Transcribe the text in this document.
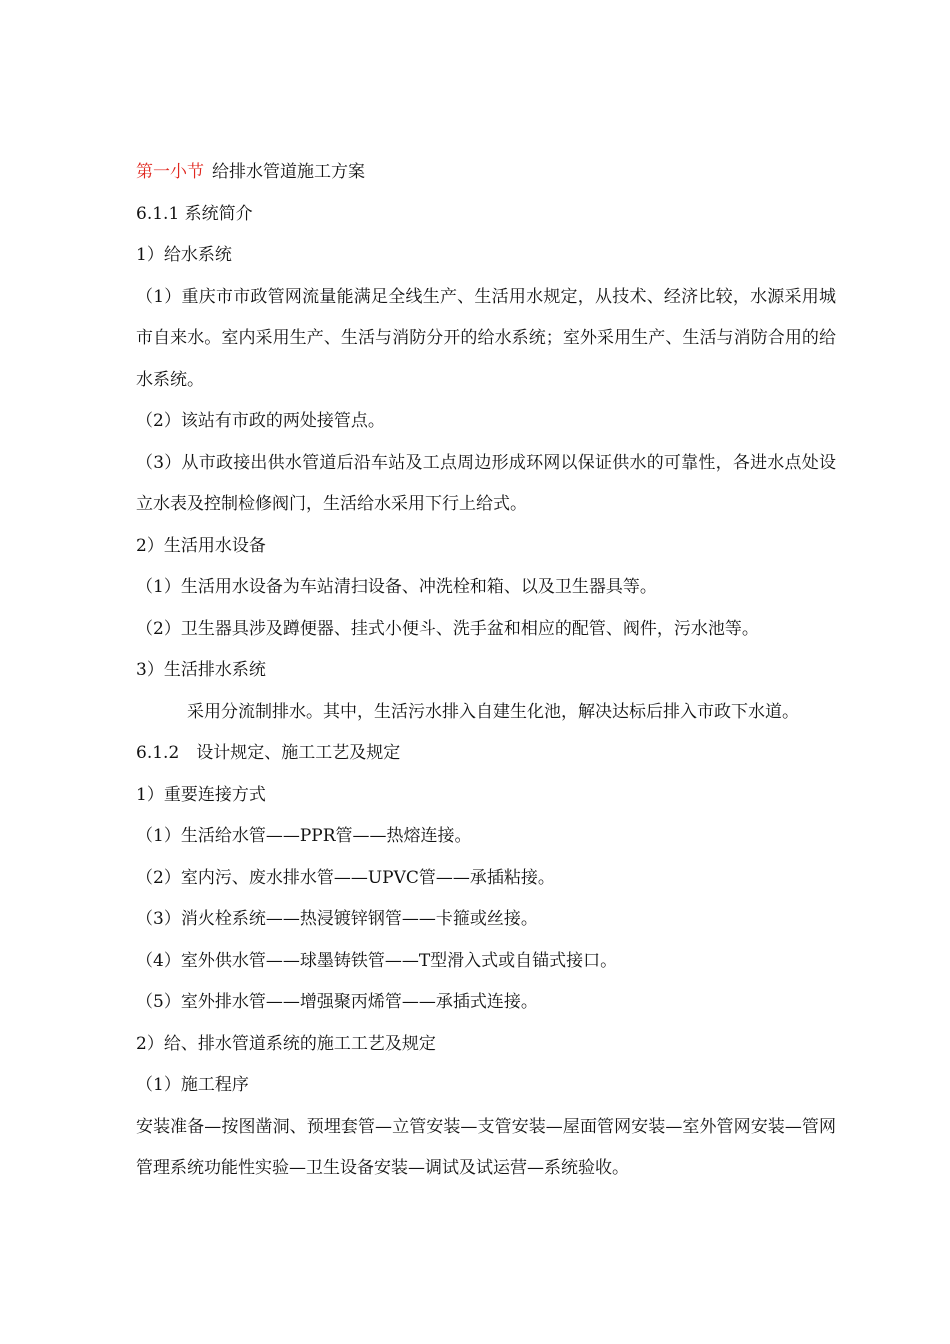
第一小节 给排水管道施工方案
6.1.1 系统简介
1）给水系统
（1）重庆市市政管网流量能满足全线生产、生活用水规定，从技术、经济比较，水源采用城市自来水。室内采用生产、生活与消防分开的给水系统；室外采用生产、生活与消防合用的给水系统。
（2）该站有市政的两处接管点。
（3）从市政接出供水管道后沿车站及工点周边形成环网以保证供水的可靠性，各进水点处设立水表及控制检修阀门，生活给水采用下行上给式。
2）生活用水设备
（1）生活用水设备为车站清扫设备、冲洗栓和箱、以及卫生器具等。
（2）卫生器具涉及蹲便器、挂式小便斗、洗手盆和相应的配管、阀件，污水池等。
3）生活排水系统
采用分流制排水。其中，生活污水排入自建生化池，解决达标后排入市政下水道。
6.1.2　设计规定、施工工艺及规定
1）重要连接方式
（1）生活给水管——PPR管——热熔连接。
（2）室内污、废水排水管——UPVC管——承插粘接。
（3）消火栓系统——热浸镀锌钢管——卡箍或丝接。
（4）室外供水管——球墨铸铁管——T型滑入式或自锚式接口。
（5）室外排水管——增强聚丙烯管——承插式连接。
2）给、排水管道系统的施工工艺及规定
（1）施工程序
安装准备—按图凿洞、预埋套管—立管安装—支管安装—屋面管网安装—室外管网安装—管网管理系统功能性实验—卫生设备安装—调试及试运营—系统验收。
